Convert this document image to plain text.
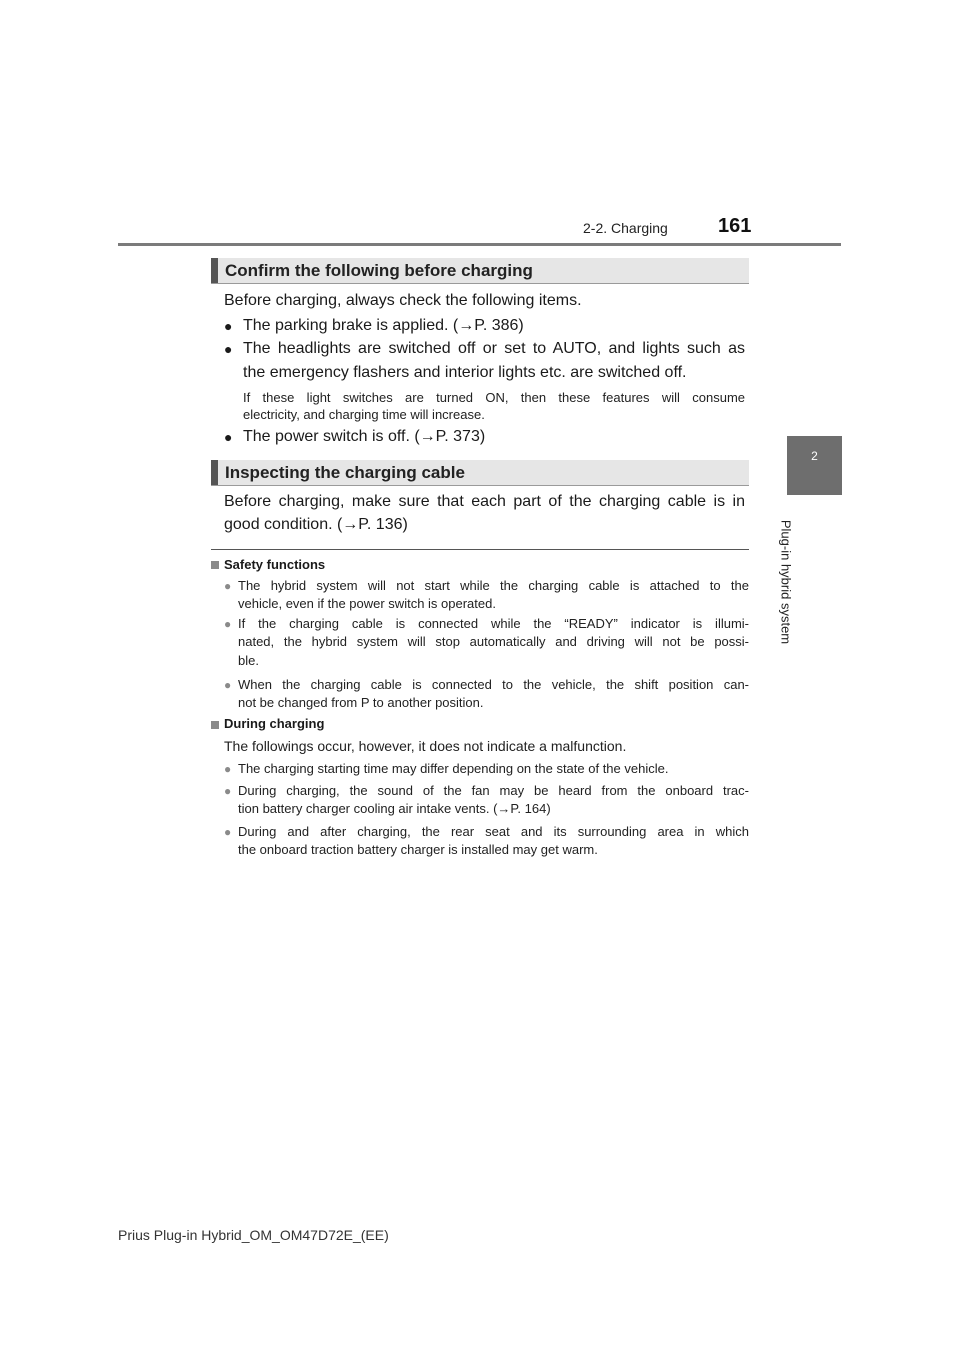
2-2. Charging	161
2
Plug-in hybrid system
Confirm the following before charging
Before charging, always check the following items.
● The parking brake is applied. (→P. 386)
● The headlights are switched off or set to AUTO, and lights such as
the emergency flashers and interior lights etc. are switched off.
If these light switches are turned ON, then these features will consume
electricity, and charging time will increase.
● The power switch is off. (→P. 373)
Inspecting the charging cable
Before charging, make sure that each part of the charging cable is in
good condition. (→P. 136)
Safety functions
● The hybrid system will not start while the charging cable is attached to the
vehicle, even if the power switch is operated.
● If the charging cable is connected while the “READY” indicator is illumi-
nated, the hybrid system will stop automatically and driving will not be possi-
ble.
● When the charging cable is connected to the vehicle, the shift position can-
not be changed from P to another position.
During charging
The followings occur, however, it does not indicate a malfunction.
● The charging starting time may differ depending on the state of the vehicle.
● During charging, the sound of the fan may be heard from the onboard trac-
tion battery charger cooling air intake vents. (→P. 164)
● During and after charging, the rear seat and its surrounding area in which
the onboard traction battery charger is installed may get warm.
Prius Plug-in Hybrid_OM_OM47D72E_(EE)
